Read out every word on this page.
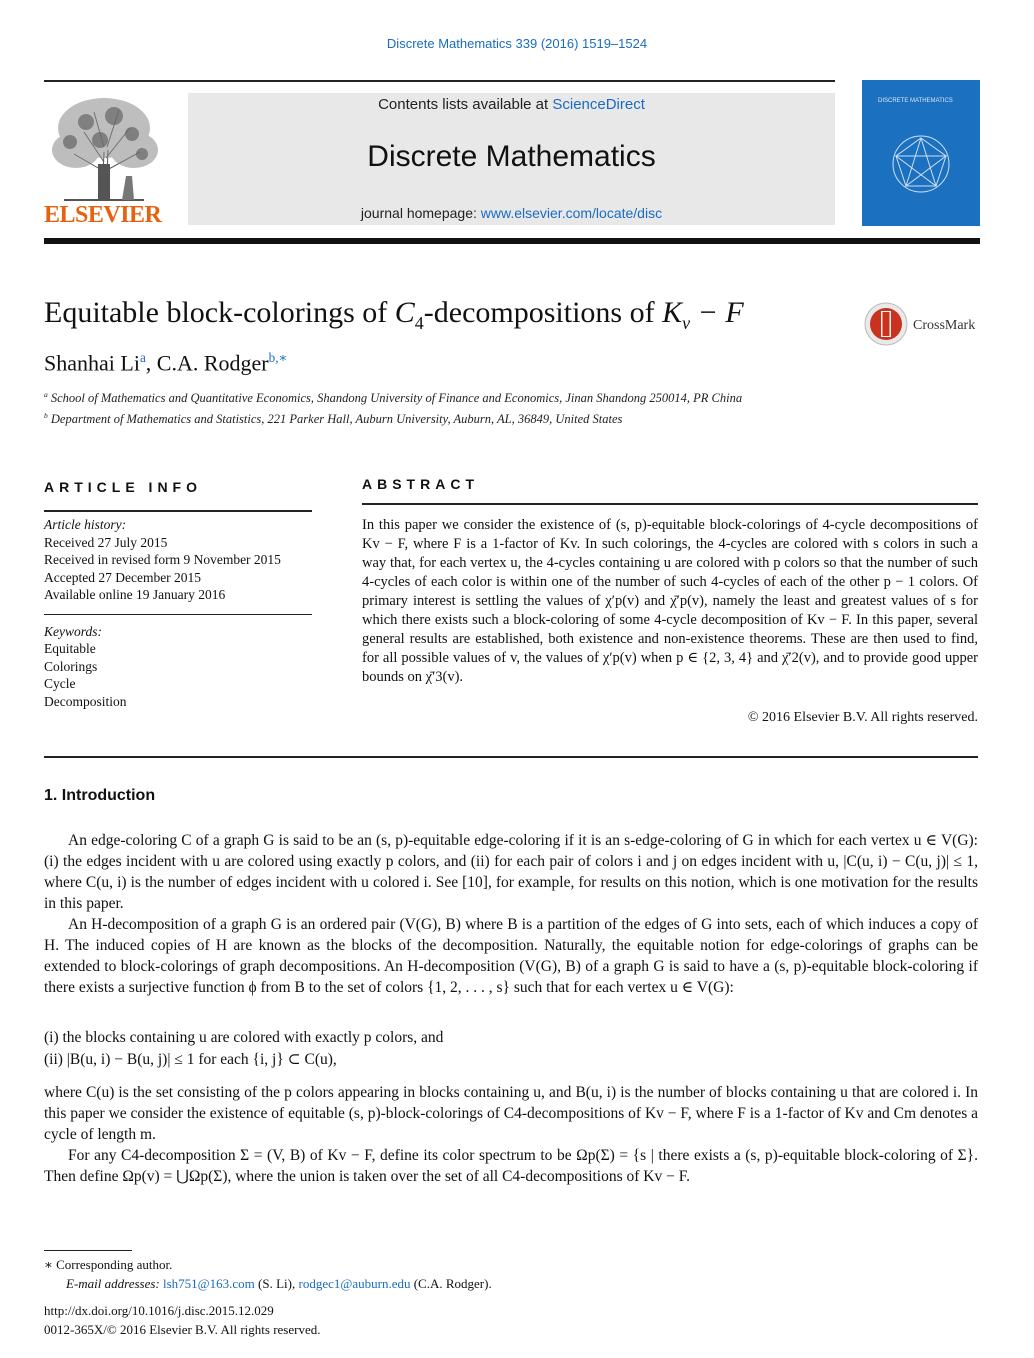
Discrete Mathematics 339 (2016) 1519–1524
ELSEVIER
Contents lists available at ScienceDirect
Discrete Mathematics
journal homepage: www.elsevier.com/locate/disc
DISCRETE MATHEMATICS
Equitable block-colorings of $C_4$-decompositions of $K_v - F$	CrossMark
Shanhai Li$^a$, C.A. Rodger$^{b,∗}$
$^a$ School of Mathematics and Quantitative Economics, Shandong University of Finance and Economics, Jinan Shandong 250014, PR China
$^b$ Department of Mathematics and Statistics, 221 Parker Hall, Auburn University, Auburn, AL, 36849, United States
ARTICLE INFO	ABSTRACT
Article history:
Received 27 July 2015
Received in revised form 9 November 2015
Accepted 27 December 2015
Available online 19 January 2016
Keywords:
Equitable
Colorings
Cycle
Decomposition
In this paper we consider the existence of (s, p)-equitable block-colorings of 4-cycle decompositions of Kv − F, where F is a 1-factor of Kv. In such colorings, the 4-cycles are colored with s colors in such a way that, for each vertex u, the 4-cycles containing u are colored with p colors so that the number of such 4-cycles of each color is within one of the number of such 4-cycles of each of the other p − 1 colors. Of primary interest is settling the values of χ′p(v) and χ̄′p(v), namely the least and greatest values of s for which there exists such a block-coloring of some 4-cycle decomposition of Kv − F. In this paper, several general results are established, both existence and non-existence theorems. These are then used to find, for all possible values of v, the values of χ′p(v) when p ∈ {2, 3, 4} and χ̄′2(v), and to provide good upper bounds on χ̄′3(v).
© 2016 Elsevier B.V. All rights reserved.
1. Introduction

An edge-coloring C of a graph G is said to be an (s, p)-equitable edge-coloring if it is an s-edge-coloring of G in which for each vertex u ∈ V(G): (i) the edges incident with u are colored using exactly p colors, and (ii) for each pair of colors i and j on edges incident with u, |C(u, i) − C(u, j)| ≤ 1, where C(u, i) is the number of edges incident with u colored i. See [10], for example, for results on this notion, which is one motivation for the results in this paper.

An H-decomposition of a graph G is an ordered pair (V(G), B) where B is a partition of the edges of G into sets, each of which induces a copy of H. The induced copies of H are known as the blocks of the decomposition. Naturally, the equitable notion for edge-colorings of graphs can be extended to block-colorings of graph decompositions. An H-decomposition (V(G), B) of a graph G is said to have a (s, p)-equitable block-coloring if there exists a surjective function ϕ from B to the set of colors {1, 2, . . . , s} such that for each vertex u ∈ V(G):

(i) the blocks containing u are colored with exactly p colors, and
(ii) |B(u, i) − B(u, j)| ≤ 1 for each {i, j} ⊂ C(u),

where C(u) is the set consisting of the p colors appearing in blocks containing u, and B(u, i) is the number of blocks containing u that are colored i. In this paper we consider the existence of equitable (s, p)-block-colorings of C4-decompositions of Kv − F, where F is a 1-factor of Kv and Cm denotes a cycle of length m.

For any C4-decomposition Σ = (V, B) of Kv − F, define its color spectrum to be Ωp(Σ) = {s | there exists a (s, p)-equitable block-coloring of Σ}. Then define Ωp(v) = ⋃Ωp(Σ), where the union is taken over the set of all C4-decompositions of Kv − F.

∗ Corresponding author.
E-mail addresses: lsh751@163.com (S. Li), rodgec1@auburn.edu (C.A. Rodger).
http://dx.doi.org/10.1016/j.disc.2015.12.029
0012-365X/© 2016 Elsevier B.V. All rights reserved.
